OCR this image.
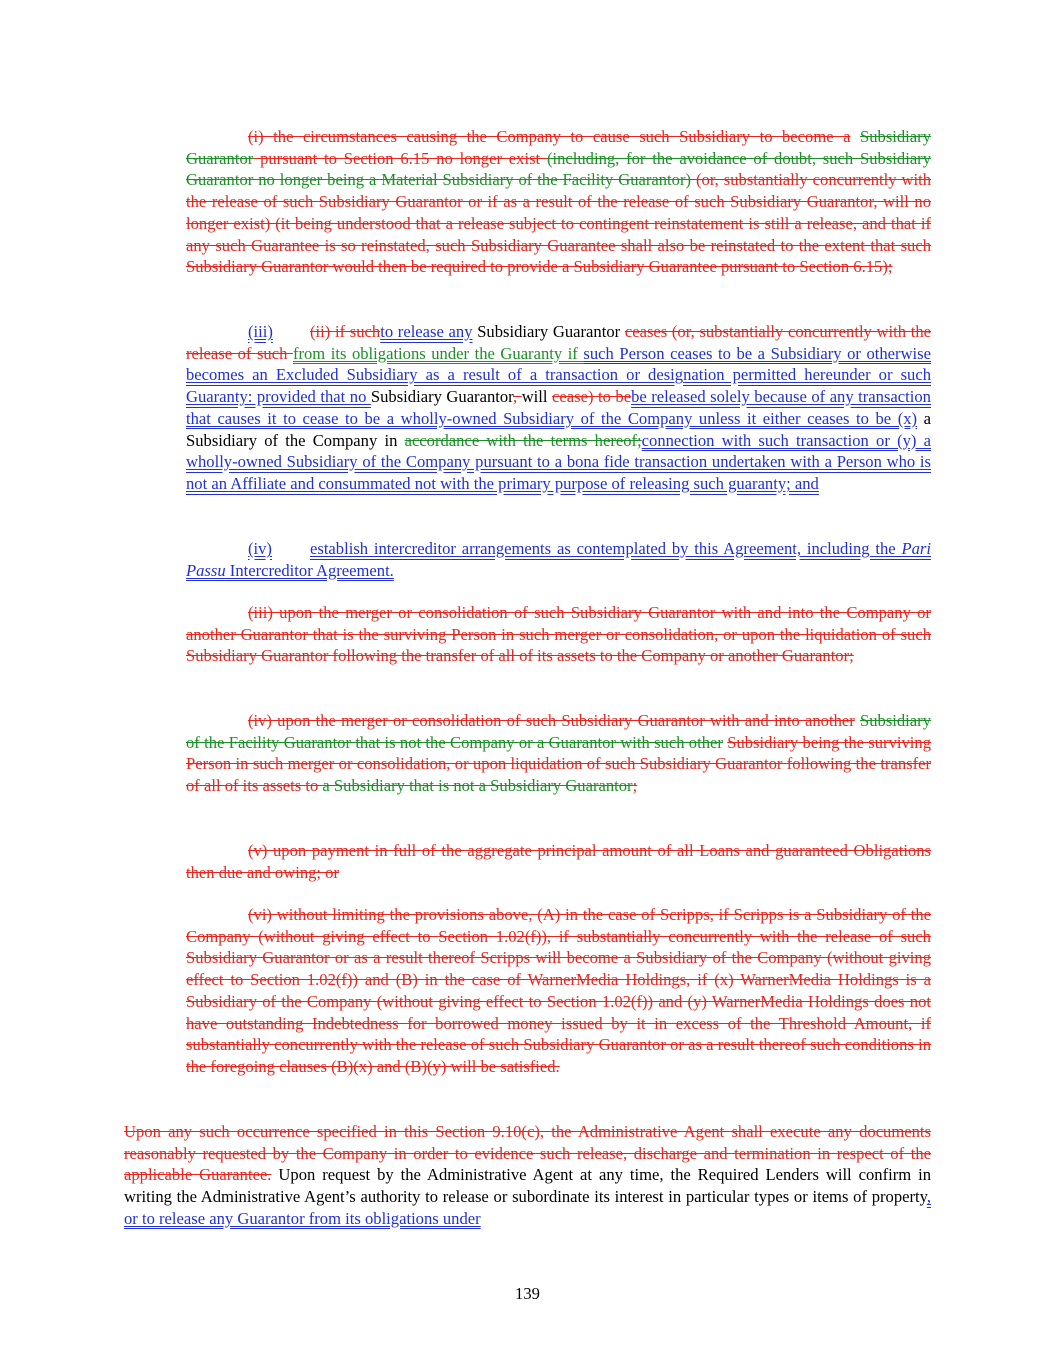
(i) the circumstances causing the Company to cause such Subsidiary to become a Subsidiary Guarantor pursuant to Section 6.15 no longer exist (including, for the avoidance of doubt, such Subsidiary Guarantor no longer being a Material Subsidiary of the Facility Guarantor) (or, substantially concurrently with the release of such Subsidiary Guarantor or if as a result of the release of such Subsidiary Guarantor, will no longer exist) (it being understood that a release subject to contingent reinstatement is still a release, and that if any such Guarantee is so reinstated, such Subsidiary Guarantee shall also be reinstated to the extent that such Subsidiary Guarantor would then be required to provide a Subsidiary Guarantee pursuant to Section 6.15);

(iii) (ii) if suchto release any Subsidiary Guarantor ceases (or, substantially concurrently with the release of such from its obligations under the Guaranty if such Person ceases to be a Subsidiary or otherwise becomes an Excluded Subsidiary as a result of a transaction or designation permitted hereunder or such Guaranty: provided that no Subsidiary Guarantor, will cease) to bebe released solely because of any transaction that causes it to cease to be a wholly-owned Subsidiary of the Company unless it either ceases to be (x) a Subsidiary of the Company in accordance with the terms hereof;connection with such transaction or (y) a wholly-owned Subsidiary of the Company pursuant to a bona fide transaction undertaken with a Person who is not an Affiliate and consummated not with the primary purpose of releasing such guaranty; and

(iv) establish intercreditor arrangements as contemplated by this Agreement, including the Pari Passu Intercreditor Agreement.

(iii) upon the merger or consolidation of such Subsidiary Guarantor with and into the Company or another Guarantor that is the surviving Person in such merger or consolidation, or upon the liquidation of such Subsidiary Guarantor following the transfer of all of its assets to the Company or another Guarantor;

(iv) upon the merger or consolidation of such Subsidiary Guarantor with and into another Subsidiary of the Facility Guarantor that is not the Company or a Guarantor with such other Subsidiary being the surviving Person in such merger or consolidation, or upon liquidation of such Subsidiary Guarantor following the transfer of all of its assets to a Subsidiary that is not a Subsidiary Guarantor;

(v) upon payment in full of the aggregate principal amount of all Loans and guaranteed Obligations then due and owing; or

(vi) without limiting the provisions above, (A) in the case of Scripps, if Scripps is a Subsidiary of the Company (without giving effect to Section 1.02(f)), if substantially concurrently with the release of such Subsidiary Guarantor or as a result thereof Scripps will become a Subsidiary of the Company (without giving effect to Section 1.02(f)) and (B) in the case of WarnerMedia Holdings, if (x) WarnerMedia Holdings is a Subsidiary of the Company (without giving effect to Section 1.02(f)) and (y) WarnerMedia Holdings does not have outstanding Indebtedness for borrowed money issued by it in excess of the Threshold Amount, if substantially concurrently with the release of such Subsidiary Guarantor or as a result thereof such conditions in the foregoing clauses (B)(x) and (B)(y) will be satisfied.

Upon any such occurrence specified in this Section 9.10(c), the Administrative Agent shall execute any documents reasonably requested by the Company in order to evidence such release, discharge and termination in respect of the applicable Guarantee. Upon request by the Administrative Agent at any time, the Required Lenders will confirm in writing the Administrative Agent’s authority to release or subordinate its interest in particular types or items of property, or to release any Guarantor from its obligations under

139
